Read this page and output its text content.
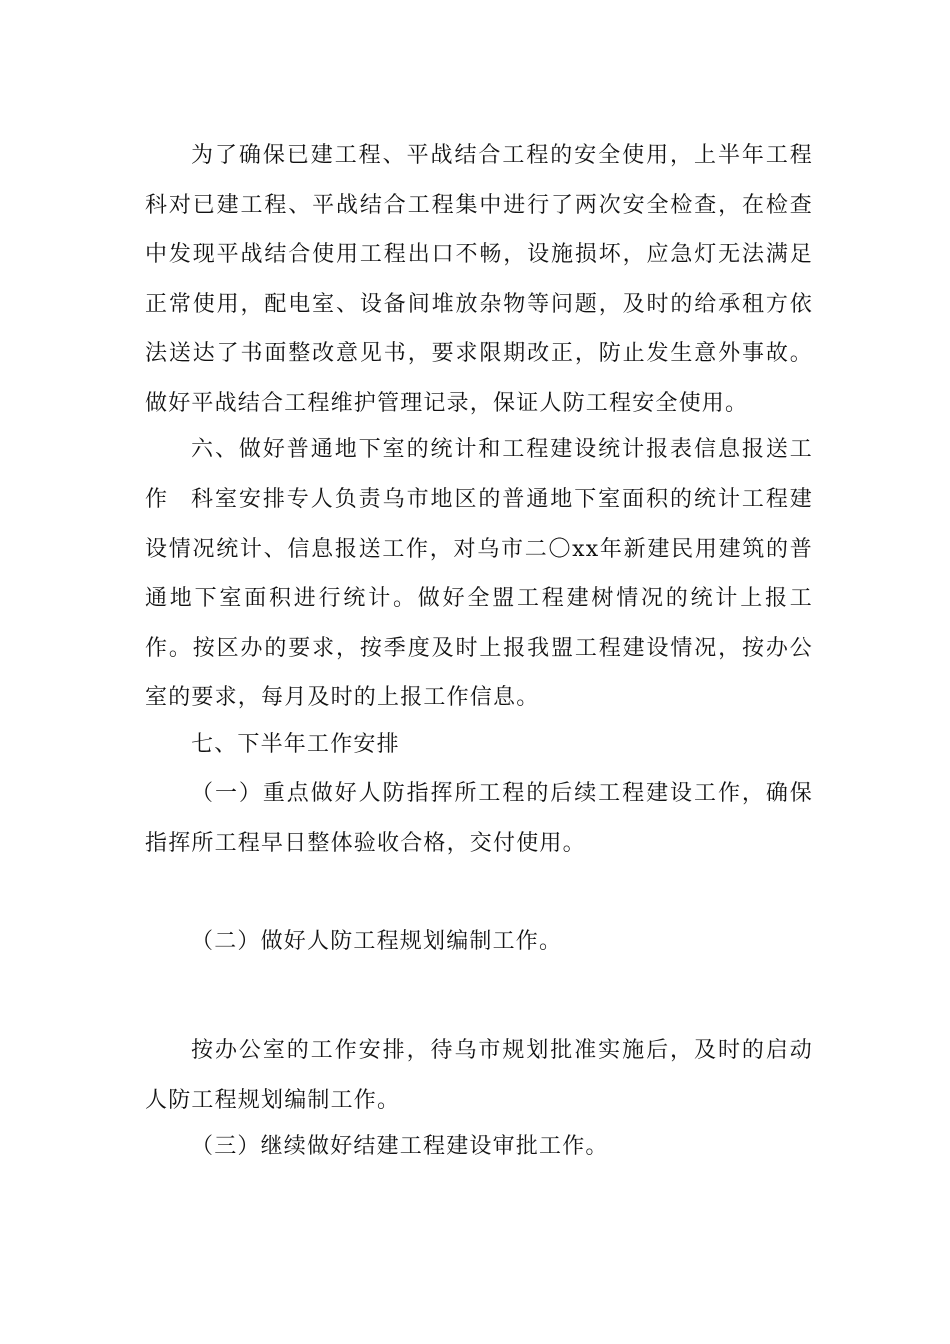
为了确保已建工程、平战结合工程的安全使用，上半年工程科对已建工程、平战结合工程集中进行了两次安全检查，在检查中发现平战结合使用工程出口不畅，设施损坏，应急灯无法满足正常使用，配电室、设备间堆放杂物等问题，及时的给承租方依法送达了书面整改意见书，要求限期改正，防止发生意外事故。做好平战结合工程维护管理记录，保证人防工程安全使用。
六、做好普通地下室的统计和工程建设统计报表信息报送工作	科室安排专人负责乌市地区的普通地下室面积的统计工程建设情况统计、信息报送工作，对乌市二〇xx年新建民用建筑的普通地下室面积进行统计。做好全盟工程建树情况的统计上报工作。按区办的要求，按季度及时上报我盟工程建设情况，按办公室的要求，每月及时的上报工作信息。
七、下半年工作安排
（一）重点做好人防指挥所工程的后续工程建设工作，确保指挥所工程早日整体验收合格，交付使用。
（二）做好人防工程规划编制工作。
按办公室的工作安排，待乌市规划批准实施后，及时的启动人防工程规划编制工作。
（三）继续做好结建工程建设审批工作。
